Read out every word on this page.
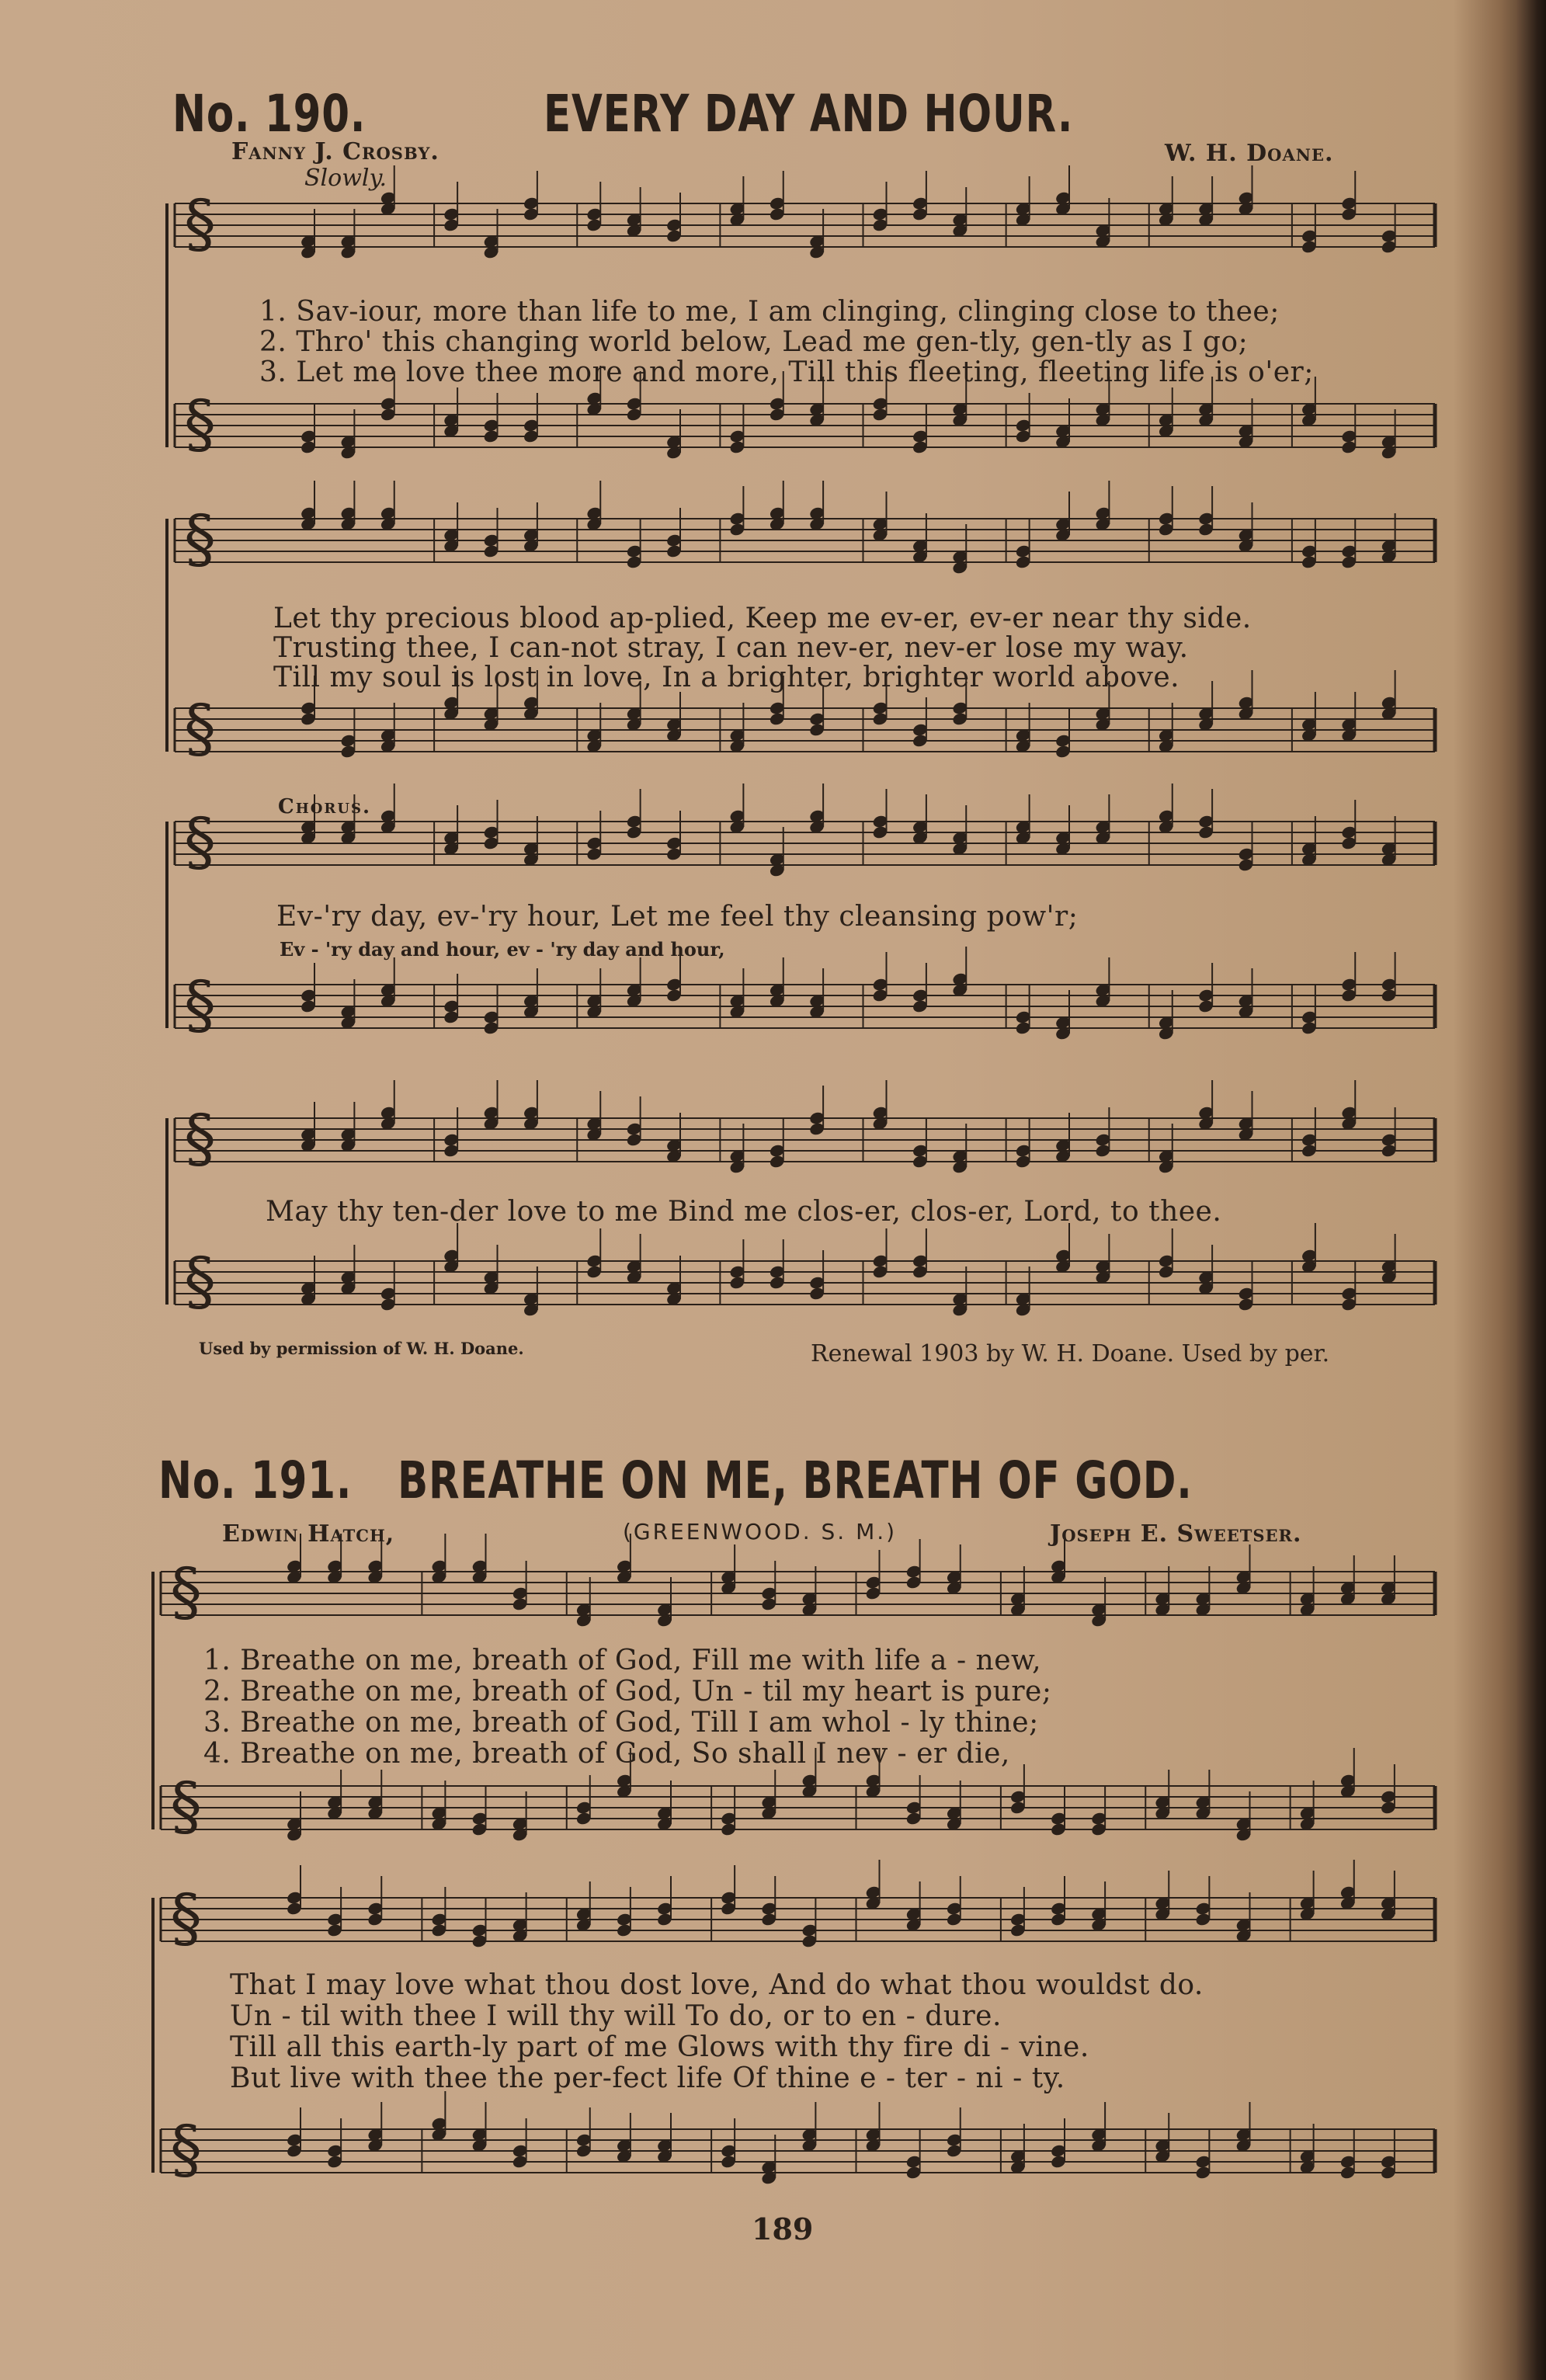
§
§
§
§
§
§
§
§
§
§
§
§
No. 190.	EVERY DAY AND HOUR.
Fanny J. Crosby.	W. H. Doane.
Slowly.
1. Sav-iour, more than life to me, I am clinging, clinging close to thee;
2. Thro' this changing world below, Lead me gen-tly, gen-tly as I go;
3. Let me love thee more and more, Till this fleeting, fleeting life is o'er;
Let thy precious blood ap-plied, Keep me ev-er, ev-er near thy side.
Trusting thee, I can-not stray, I can nev-er, nev-er lose my way.
Till my soul is lost in love, In a brighter, brighter world above.
Chorus.
Ev-'ry day, ev-'ry hour, Let me feel thy cleansing pow'r;
Ev - 'ry day and hour, ev - 'ry day and hour,
May thy ten-der love to me Bind me clos-er, clos-er, Lord, to thee.
Used by permission of W. H. Doane.	Renewal 1903 by W. H. Doane. Used by per.
No. 191. BREATHE ON ME, BREATH OF GOD.
Edwin Hatch,	(GREENWOOD. S. M.)	Joseph E. Sweetser.
1. Breathe on me, breath of God, Fill me with life a - new,
2. Breathe on me, breath of God, Un - til my heart is pure;
3. Breathe on me, breath of God, Till I am whol - ly thine;
4. Breathe on me, breath of God, So shall I nev - er die,
That I may love what thou dost love, And do what thou wouldst do.
Un - til with thee I will thy will To do, or to en - dure.
Till all this earth-ly part of me Glows with thy fire di - vine.
But live with thee the per-fect life Of thine e - ter - ni - ty.
189
